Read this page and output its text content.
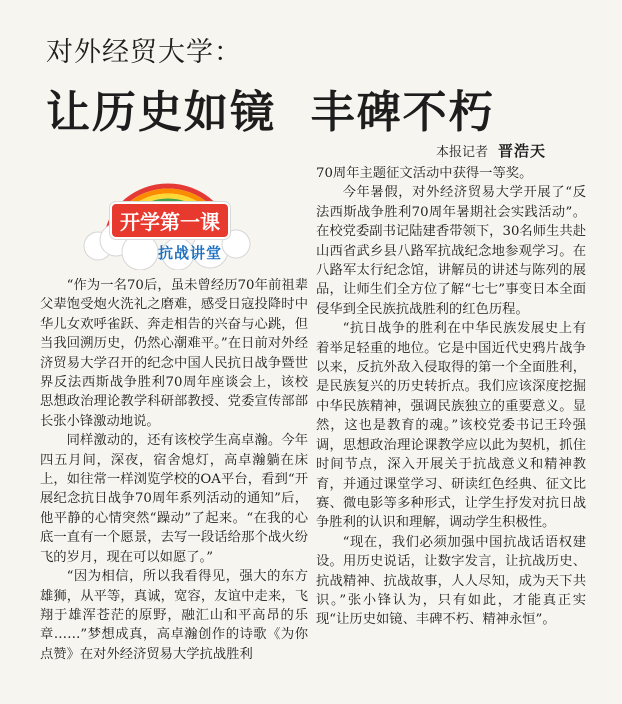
对外经贸大学：
让历史如镜  丰碑不朽
本报记者 晋浩天
开学第一课
抗战讲堂

“作为一名70后，虽未曾经历70年前祖辈父辈饱受炮火洗礼之磨难，感受日寇投降时中华儿女欢呼雀跃、奔走相告的兴奋与心跳，但当我回溯历史，仍然心潮难平。”在日前对外经济贸易大学召开的纪念中国人民抗日战争暨世界反法西斯战争胜利70周年座谈会上，该校思想政治理论教学科研部教授、党委宣传部部长张小锋激动地说。

同样激动的，还有该校学生高卓瀚。今年四五月间，深夜，宿舍熄灯，高卓瀚躺在床上，如往常一样浏览学校的OA平台，看到“开展纪念抗日战争70周年系列活动的通知”后，他平静的心情突然“躁动”了起来。“在我的心底一直有一个愿景，去写一段话给那个战火纷飞的岁月，现在可以如愿了。”

“因为相信，所以我看得见，强大的东方雄狮，从平等，真诚，宽容，友谊中走来，飞翔于雄浑苍茫的原野，融汇山和平高昂的乐章……”梦想成真，高卓瀚创作的诗歌《为你点赞》在对外经济贸易大学抗战胜利

70周年主题征文活动中获得一等奖。

今年暑假，对外经济贸易大学开展了“反法西斯战争胜利70周年暑期社会实践活动”。在校党委副书记陆建香带领下，30名师生共赴山西省武乡县八路军抗战纪念地参观学习。在八路军太行纪念馆，讲解员的讲述与陈列的展品，让师生们全方位了解“七七”事变日本全面侵华到全民族抗战胜利的红色历程。

“抗日战争的胜利在中华民族发展史上有着举足轻重的地位。它是中国近代史鸦片战争以来，反抗外敌入侵取得的第一个全面胜利，是民族复兴的历史转折点。我们应该深度挖掘中华民族精神，强调民族独立的重要意义。显然，这也是教育的魂。”该校党委书记王玲强调，思想政治理论课教学应以此为契机，抓住时间节点，深入开展关于抗战意义和精神教育，并通过课堂学习、研读红色经典、征文比赛、微电影等多种形式，让学生抒发对抗日战争胜利的认识和理解，调动学生积极性。

“现在，我们必须加强中国抗战话语权建设。用历史说话，让数字发言，让抗战历史、抗战精神、抗战故事，人人尽知，成为天下共识。”张小锋认为，只有如此，才能真正实现“让历史如镜、丰碑不朽、精神永恒”。
